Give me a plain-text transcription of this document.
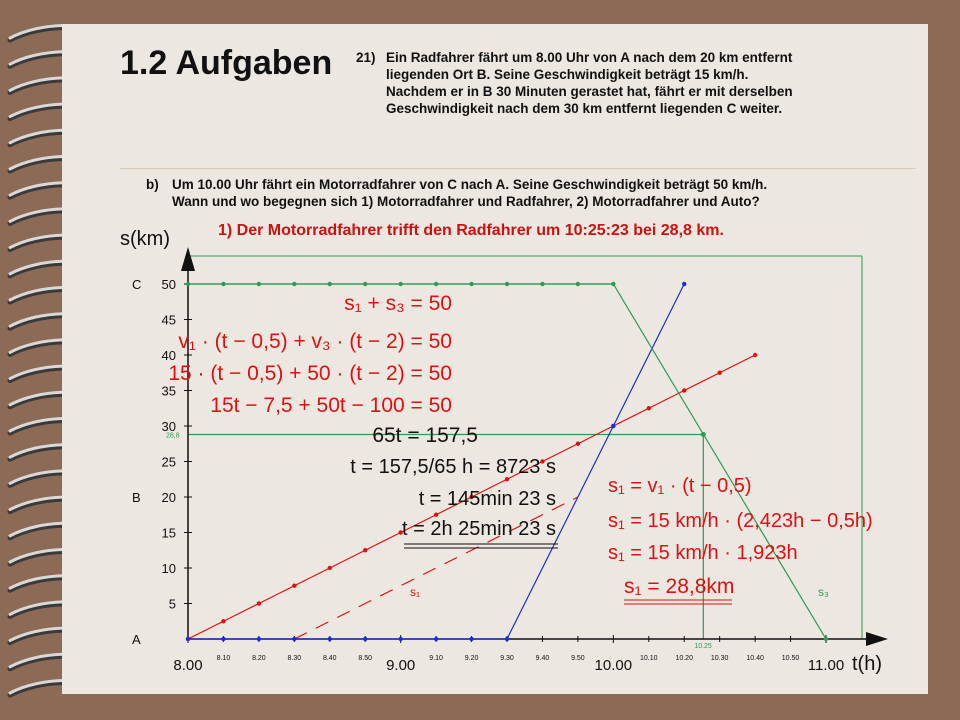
1.2 Aufgaben 21) Ein Radfahrer fährt um 8.00 Uhr von A nach dem 20 km entfernt
liegenden Ort B. Seine Geschwindigkeit beträgt 15 km/h.
Nachdem er in B 30 Minuten gerastet hat, fährt er mit derselben
Geschwindigkeit nach dem 30 km entfernt liegenden C weiter.
b) Um 10.00 Uhr fährt ein Motorradfahrer von C nach A. Seine Geschwindigkeit beträgt 50 km/h.
Wann und wo begegnen sich 1) Motorradfahrer und Radfahrer, 2) Motorradfahrer und Auto?
1) Der Motorradfahrer trifft den Radfahrer um 10:25:23 bei 28,8 km.
s(km)
t(h)
28,8
10.25
5
10
15
20
25
30
35
40
45
50
A
B
C
8.00	9.00	10.00	11.00
8.10	8.20	8.30	8.40	8.50	9.10	9.20	9.30	9.40	9.50	10.10	10.20	10.30	10.40	10.50
s₁	s₃
s₁ + s₃ = 50
v₁ · (t − 0,5) + v₃ · (t − 2) = 50
15 · (t − 0,5) + 50 · (t − 2) = 50
15t − 7,5 + 50t − 100 = 50
65t = 157,5
t = 157,5/65 h = 8723 s
t = 145min 23 s
t = 2h 25min 23 s
s₁ = v₁ · (t − 0,5)
s₁ = 15 km/h · (2,423h − 0,5h)
s₁ = 15 km/h · 1,923h
s₁ = 28,8km
